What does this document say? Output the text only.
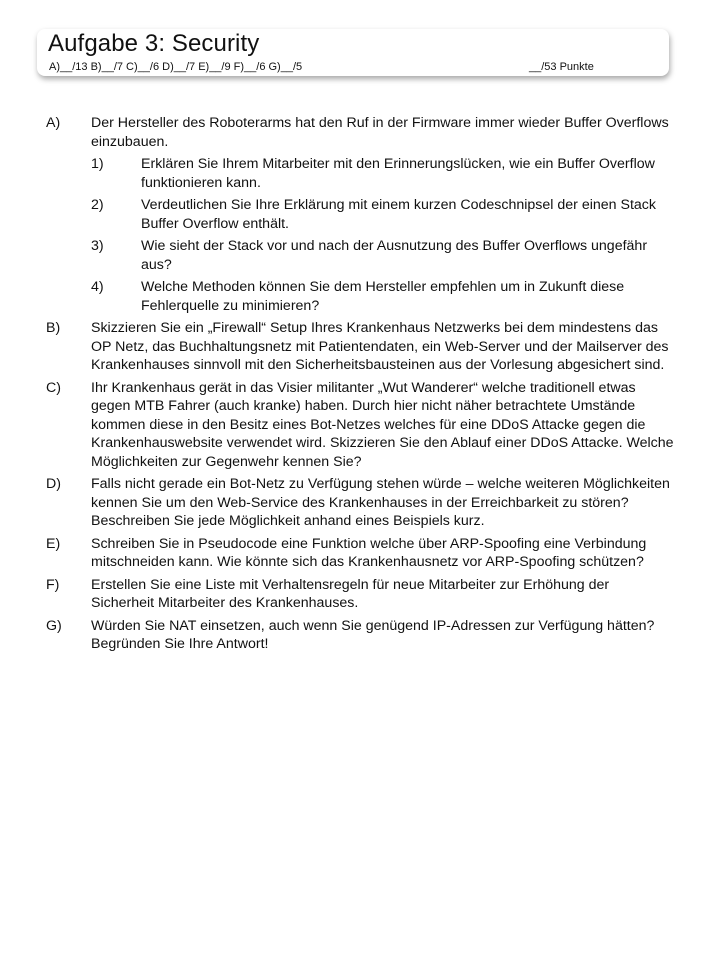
Aufgabe 3: Security
A)__/13 B)__/7 C)__/6 D)__/7 E)__/9 F)__/6 G)__/5	__/53 Punkte
A) Der Hersteller des Roboterarms hat den Ruf in der Firmware immer wieder Buffer Overflows einzubauen.
1)	Erklären Sie Ihrem Mitarbeiter mit den Erinnerungslücken, wie ein Buffer Overflow funktionieren kann.
2)	Verdeutlichen Sie Ihre Erklärung mit einem kurzen Codeschnipsel der einen Stack Buffer Overflow enthält.
3)	Wie sieht der Stack vor und nach der Ausnutzung des Buffer Overflows ungefähr aus?
4)	Welche Methoden können Sie dem Hersteller empfehlen um in Zukunft diese Fehlerquelle zu minimieren?
B) Skizzieren Sie ein „Firewall“ Setup Ihres Krankenhaus Netzwerks bei dem mindestens das OP Netz, das Buchhaltungsnetz mit Patientendaten, ein Web-Server und der Mailserver des Krankenhauses sinnvoll mit den Sicherheitsbausteinen aus der Vorlesung abgesichert sind.
C) Ihr Krankenhaus gerät in das Visier militanter „Wut Wanderer“ welche traditionell etwas gegen MTB Fahrer (auch kranke) haben. Durch hier nicht näher betrachtete Umstände kommen diese in den Besitz eines Bot-Netzes welches für eine DDoS Attacke gegen die Krankenhauswebsite verwendet wird. Skizzieren Sie den Ablauf einer DDoS Attacke. Welche Möglichkeiten zur Gegenwehr kennen Sie?
D) Falls nicht gerade ein Bot-Netz zu Verfügung stehen würde – welche weiteren Möglichkeiten kennen Sie um den Web-Service des Krankenhauses in der Erreichbarkeit zu stören? Beschreiben Sie jede Möglichkeit anhand eines Beispiels kurz.
E) Schreiben Sie in Pseudocode eine Funktion welche über ARP-Spoofing eine Verbindung mitschneiden kann. Wie könnte sich das Krankenhausnetz vor ARP-Spoofing schützen?
F) Erstellen Sie eine Liste mit Verhaltensregeln für neue Mitarbeiter zur Erhöhung der Sicherheit Mitarbeiter des Krankenhauses.
G) Würden Sie NAT einsetzen, auch wenn Sie genügend IP-Adressen zur Verfügung hätten? Begründen Sie Ihre Antwort!
